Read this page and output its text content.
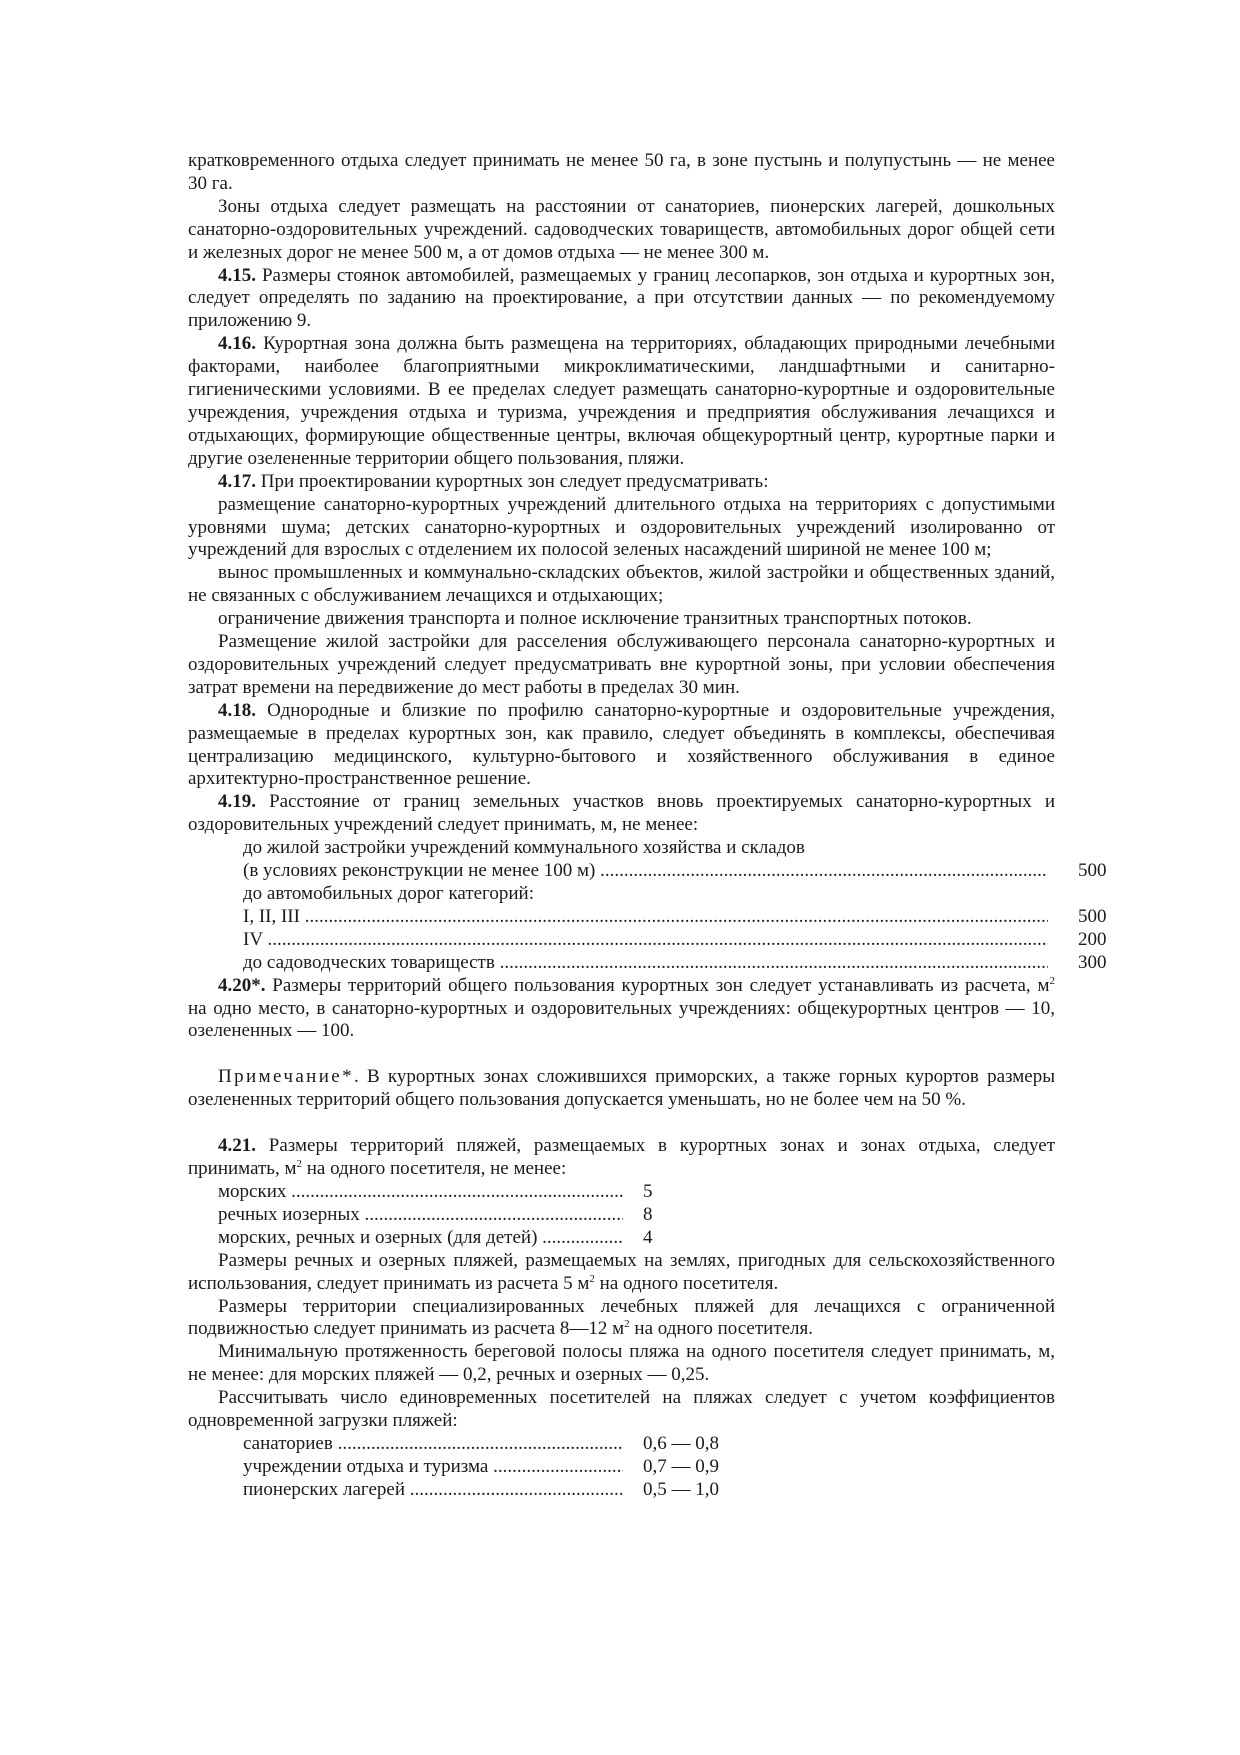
кратковременного отдыха следует принимать не менее 50 га, в зоне пустынь и полупустынь — не менее 30 га.

Зоны отдыха следует размещать на расстоянии от санаториев, пионерских лагерей, дошкольных санаторно-оздоровительных учреждений. садоводческих товариществ, автомобильных дорог общей сети и железных дорог не менее 500 м, а от домов отдыха — не менее 300 м.

4.15. Размеры стоянок автомобилей, размещаемых у границ лесопарков, зон отдыха и курортных зон, следует определять по заданию на проектирование, а при отсутствии данных — по рекомендуемому приложению 9.

4.16. Курортная зона должна быть размещена на территориях, обладающих природными лечебными факторами, наиболее благоприятными микроклиматическими, ландшафтными и санитарно-гигиеническими условиями. В ее пределах следует размещать санаторно-курортные и оздоровительные учреждения, учреждения отдыха и туризма, учреждения и предприятия обслуживания лечащихся и отдыхающих, формирующие общественные центры, включая общекурортный центр, курортные парки и другие озелененные территории общего пользования, пляжи.

4.17. При проектировании курортных зон следует предусматривать:

размещение санаторно-курортных учреждений длительного отдыха на территориях с допустимыми уровнями шума; детских санаторно-курортных и оздоровительных учреждений изолированно от учреждений для взрослых с отделением их полосой зеленых насаждений шириной не менее 100 м;

вынос промышленных и коммунально-складских объектов, жилой застройки и общественных зданий, не связанных с обслуживанием лечащихся и отдыхающих;

ограничение движения транспорта и полное исключение транзитных транспортных потоков.

Размещение жилой застройки для расселения обслуживающего персонала санаторно-курортных и оздоровительных учреждений следует предусматривать вне курортной зоны, при условии обеспечения затрат времени на передвижение до мест работы в пределах 30 мин.

4.18. Однородные и близкие по профилю санаторно-курортные и оздоровительные учреждения, размещаемые в пределах курортных зон, как правило, следует объединять в комплексы, обеспечивая централизацию медицинского, культурно-бытового и хозяйственного обслуживания в единое архитектурно-пространственное решение.

4.19. Расстояние от границ земельных участков вновь проектируемых санаторно-курортных и оздоровительных учреждений следует принимать, м, не менее:

до жилой застройки учреждений коммунального хозяйства и складов
(в условиях реконструкции не менее 100 м) .....	500
до автомобильных дорог категорий:
I, II, III .....	500
IV .....	200
до садоводческих товариществ .....	300

4.20*. Размеры территорий общего пользования курортных зон следует устанавливать из расчета, $м^2$ на одно место, в санаторно-курортных и оздоровительных учреждениях: общекурортных центров — 10, озелененных — 100.

Примечание*. В курортных зонах сложившихся приморских, а также горных курортов размеры озелененных территорий общего пользования допускается уменьшать, но не более чем на 50 %.

4.21. Размеры территорий пляжей, размещаемых в курортных зонах и зонах отдыха, следует принимать, $м^2$ на одного посетителя, не менее:

морских .....	5
речных иозерных .....	8
морских, речных и озерных (для детей) .....	4

Размеры речных и озерных пляжей, размещаемых на землях, пригодных для сельскохозяйственного использования, следует принимать из расчета 5 $м^2$ на одного посетителя.

Размеры территории специализированных лечебных пляжей для лечащихся с ограниченной подвижностью следует принимать из расчета 8—12 $м^2$ на одного посетителя.

Минимальную протяженность береговой полосы пляжа на одного посетителя следует принимать, м, не менее: для морских пляжей — 0,2, речных и озерных — 0,25.

Рассчитывать число единовременных посетителей на пляжах следует с учетом коэффициентов одновременной загрузки пляжей:

санаториев .....	0,6 — 0,8
учреждении отдыха и туризма .....	0,7 — 0,9
пионерских лагерей .....	0,5 — 1,0
